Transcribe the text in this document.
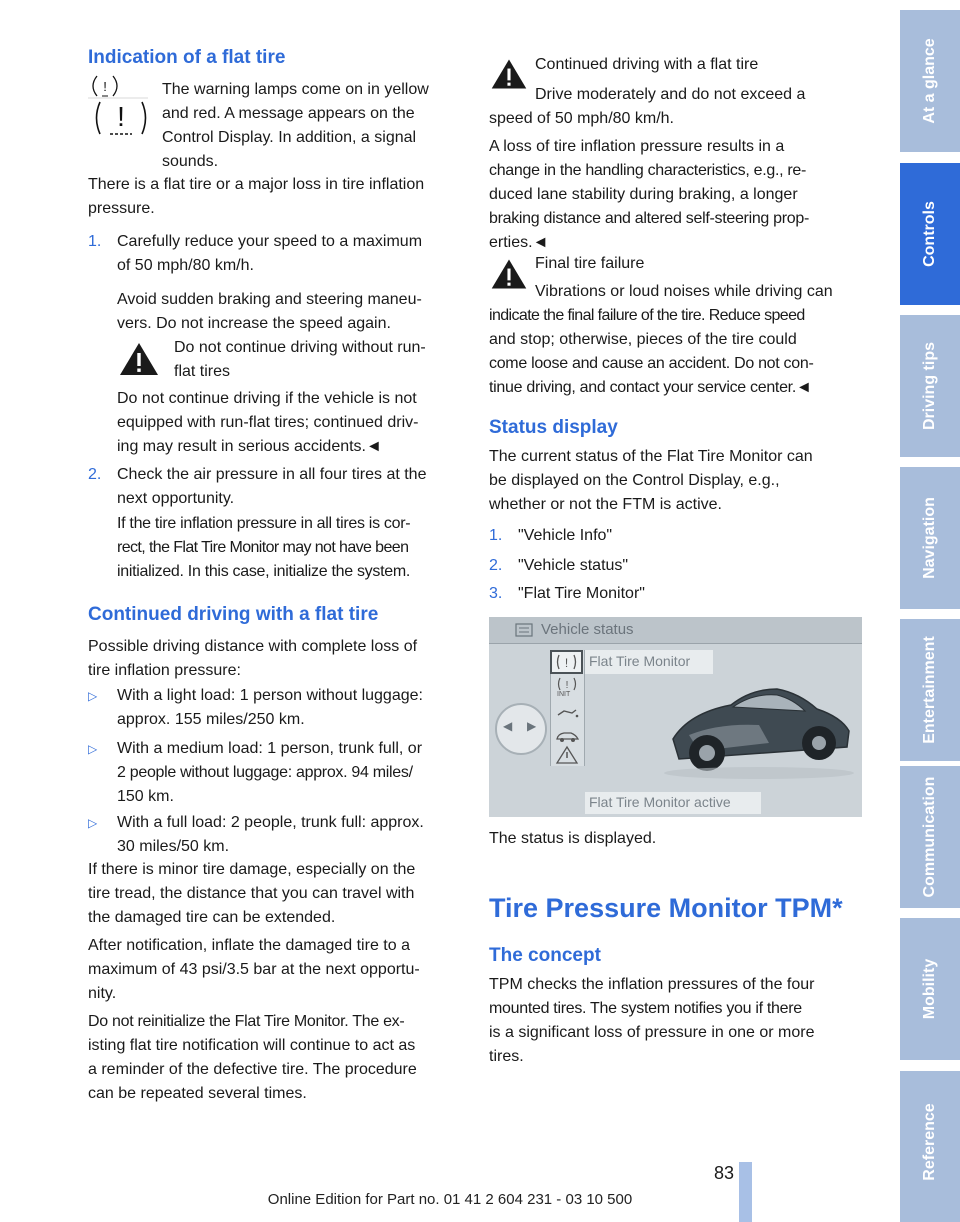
Indication of a flat tire
!
!

The warning lamps come on in yellow

and red. A message appears on the

Control Display. In addition, a signal

sounds.

There is a flat tire or a major loss in tire inflation

pressure.

1. Carefully reduce your speed to a maximum

of 50 mph/80 km/h.

Avoid sudden braking and steering maneu-

vers. Do not increase the speed again.

Do not continue driving without run-

flat tires

Do not continue driving if the vehicle is not

equipped with run-flat tires; continued driv-

ing may result in serious accidents.◄

2. Check the air pressure in all four tires at the

next opportunity.

If the tire inflation pressure in all tires is cor-

rect, the Flat Tire Monitor may not have been

initialized. In this case, initialize the system.

Continued driving with a flat tire

Possible driving distance with complete loss of

tire inflation pressure:

▷ With a light load: 1 person without luggage:

approx. 155 miles/250 km.

▷ With a medium load: 1 person, trunk full, or

2 people without luggage: approx. 94 miles/

150 km.

▷ With a full load: 2 people, trunk full: approx.

30 miles/50 km.

If there is minor tire damage, especially on the

tire tread, the distance that you can travel with

the damaged tire can be extended.

After notification, inflate the damaged tire to a

maximum of 43 psi/3.5 bar at the next opportu-

nity.

Do not reinitialize the Flat Tire Monitor. The ex-

isting flat tire notification will continue to act as

a reminder of the defective tire. The procedure

can be repeated several times.

Continued driving with a flat tire

Drive moderately and do not exceed a

speed of 50 mph/80 km/h.

A loss of tire inflation pressure results in a

change in the handling characteristics, e.g., re-

duced lane stability during braking, a longer

braking distance and altered self-steering prop-

erties.◄

Final tire failure

Vibrations or loud noises while driving can

indicate the final failure of the tire. Reduce speed

and stop; otherwise, pieces of the tire could

come loose and cause an accident. Do not con-

tinue driving, and contact your service center.◄

Status display

The current status of the Flat Tire Monitor can

be displayed on the Control Display, e.g.,

whether or not the FTM is active.

1. "Vehicle Info"

2. "Vehicle status"

3. "Flat Tire Monitor"

The status is displayed.

Tire Pressure Monitor TPM*
The concept

TPM checks the inflation pressures of the four

mounted tires. The system notifies you if there

is a significant loss of pressure in one or more

tires.

Vehicle status
◀ ▶
!
!
INIT
Flat Tire Monitor
Flat Tire Monitor active
At a glance
Controls
Driving tips
Navigation
Entertainment
Communication
Mobility
Reference
83
Online Edition for Part no. 01 41 2 604 231 - 03 10 500
